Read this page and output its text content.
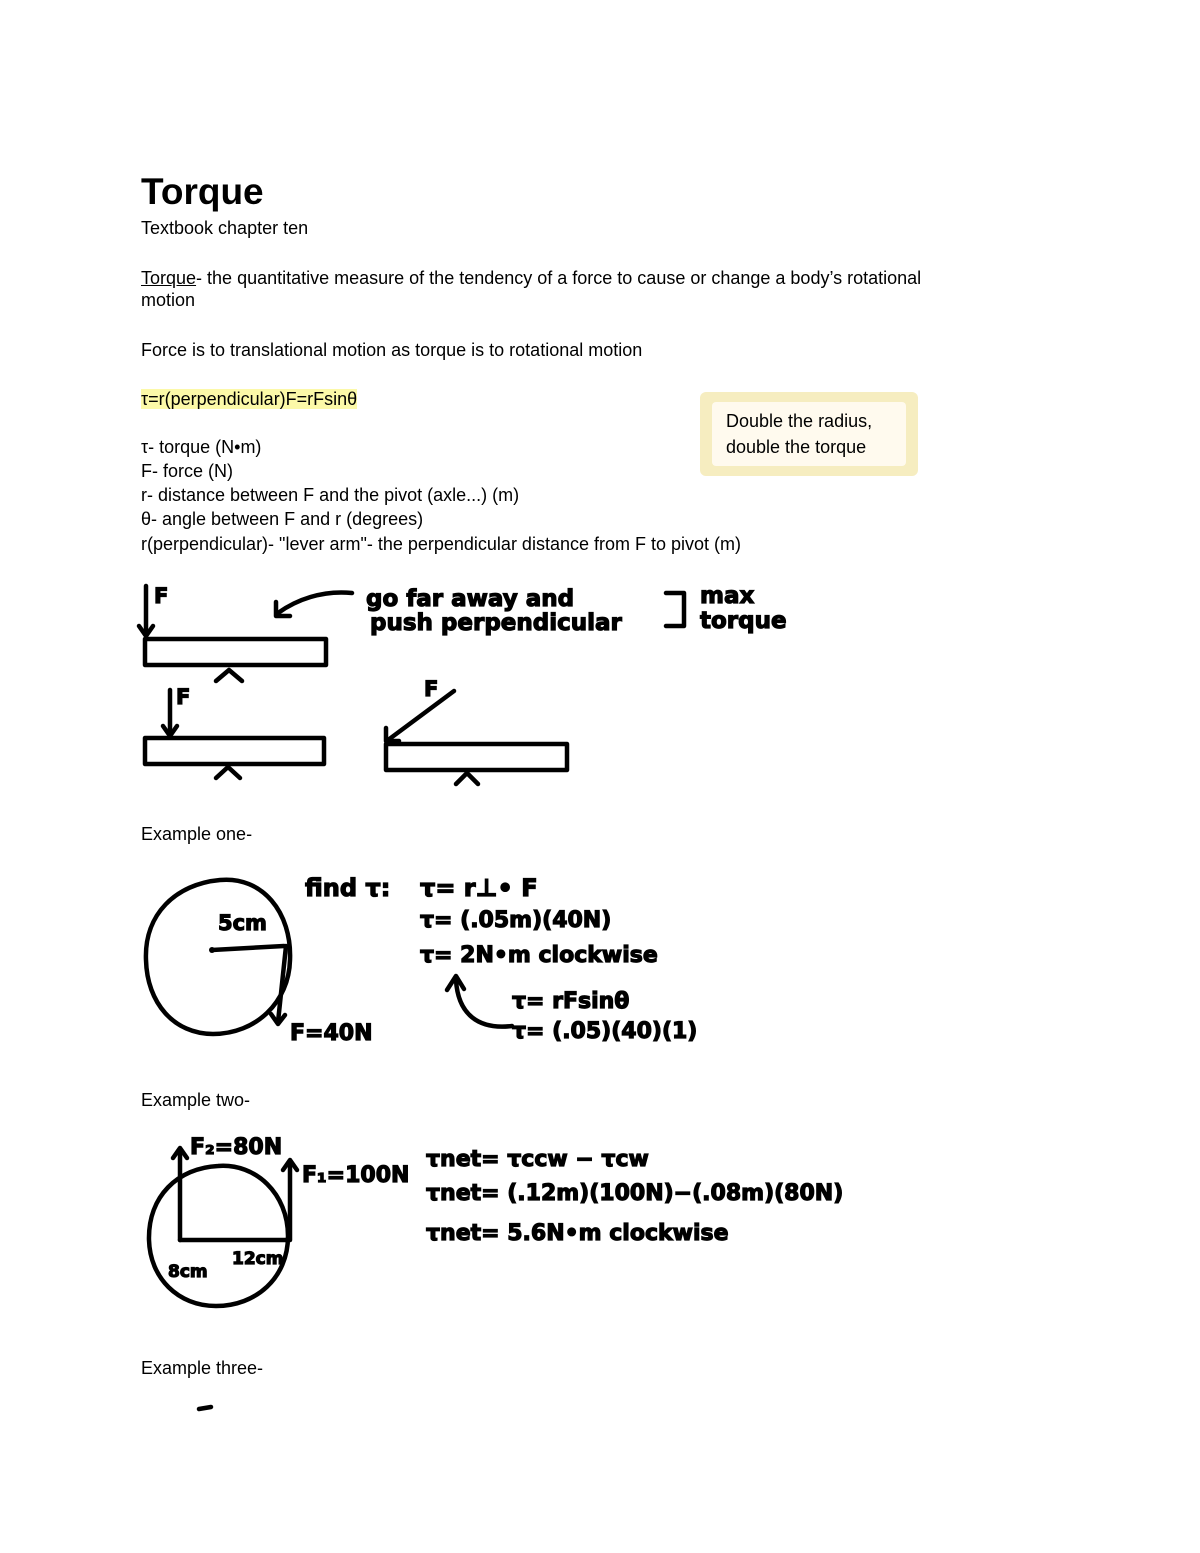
Torque
Textbook chapter ten
Torque- the quantitative measure of the tendency of a force to cause or change a body’s rotational
motion
Force is to translational motion as torque is to rotational motion
τ=r(perpendicular)F=rFsinθ
Double the radius,
double the torque
τ- torque (N•m)
F- force (N)
r- distance between F and the pivot (axle...) (m)
θ- angle between F and r (degrees)
r(perpendicular)- "lever arm"- the perpendicular distance from F to pivot (m)
Example one-
Example two-
Example three-
F	go far away and
push perpendicular
max
torque
F	F
5cm
F=40N
find τ: τ= r⊥• F
τ= (.05m)(40N)
τ= 2N•m clockwise
τ= rFsinθ
τ= (.05)(40)(1)
F₂=80N
F₁=100N
8cm
12cm
τnet= τccw − τcw
τnet= (.12m)(100N)−(.08m)(80N)
τnet= 5.6N•m clockwise
